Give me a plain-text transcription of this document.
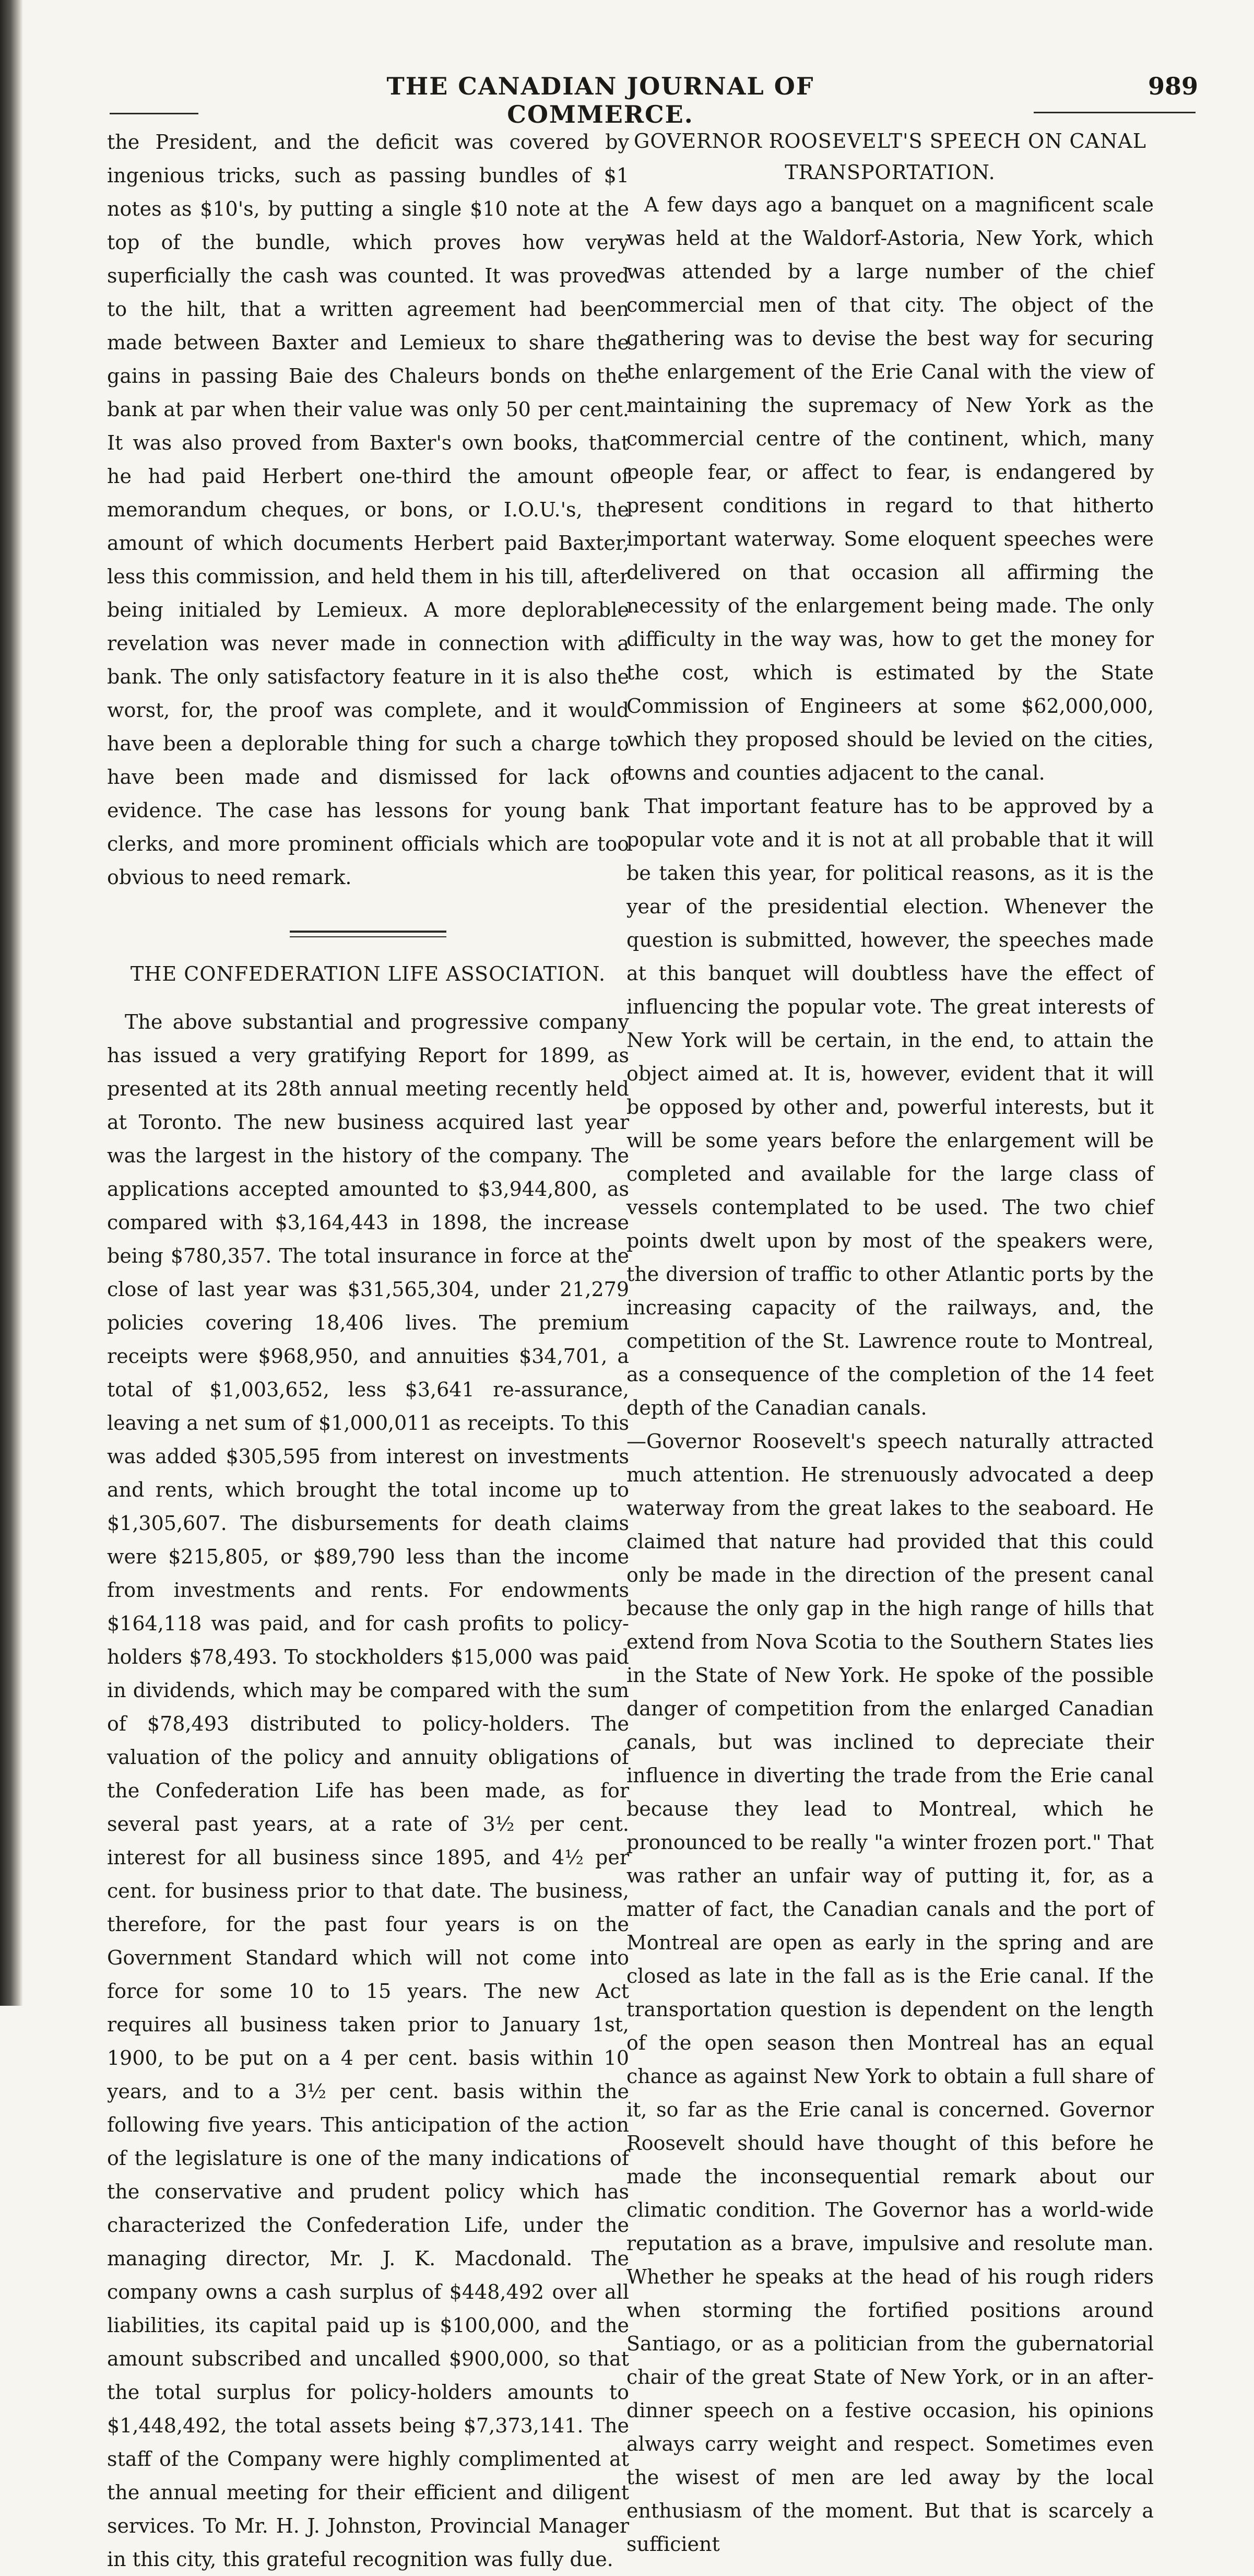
THE CANADIAN JOURNAL OF COMMERCE.
989

the President, and the deficit was covered by ingenious tricks, such as passing bundles of $1 notes as $10's, by putting a single $10 note at the top of the bundle, which proves how very superficially the cash was counted. It was proved to the hilt, that a written agreement had been made between Baxter and Lemieux to share the gains in passing Baie des Chaleurs bonds on the bank at par when their value was only 50 per cent. It was also proved from Baxter's own books, that he had paid Herbert one-third the amount of memorandum cheques, or bons, or I.O.U.'s, the amount of which documents Herbert paid Baxter, less this commission, and held them in his till, after being initialed by Lemieux. A more deplorable revelation was never made in connection with a bank. The only satisfactory feature in it is also the worst, for, the proof was complete, and it would have been a deplorable thing for such a charge to have been made and dismissed for lack of evidence. The case has lessons for young bank clerks, and more prominent officials which are too obvious to need remark.

THE CONFEDERATION LIFE ASSOCIATION.

The above substantial and progressive company has issued a very gratifying Report for 1899, as presented at its 28th annual meeting recently held at Toronto. The new business acquired last year was the largest in the history of the company. The applications accepted amounted to $3,944,800, as compared with $3,164,443 in 1898, the increase being $780,357. The total insurance in force at the close of last year was $31,565,304, under 21,279 policies covering 18,406 lives. The premium receipts were $968,950, and annuities $34,701, a total of $1,003,652, less $3,641 re-assurance, leaving a net sum of $1,000,011 as receipts. To this was added $305,595 from interest on investments and rents, which brought the total income up to $1,305,607. The disbursements for death claims were $215,805, or $89,790 less than the income from investments and rents. For endowments $164,118 was paid, and for cash profits to policy-holders $78,493. To stockholders $15,000 was paid in dividends, which may be compared with the sum of $78,493 distributed to policy-holders. The valuation of the policy and annuity obligations of the Confederation Life has been made, as for several past years, at a rate of 3½ per cent. interest for all business since 1895, and 4½ per cent. for business prior to that date. The business, therefore, for the past four years is on the Government Standard which will not come into force for some 10 to 15 years. The new Act requires all business taken prior to January 1st, 1900, to be put on a 4 per cent. basis within 10 years, and to a 3½ per cent. basis within the following five years. This anticipation of the action of the legislature is one of the many indications of the conservative and prudent policy which has characterized the Confederation Life, under the managing director, Mr. J. K. Macdonald. The company owns a cash surplus of $448,492 over all liabilities, its capital paid up is $100,000, and the amount subscribed and uncalled $900,000, so that the total surplus for policy-holders amounts to $1,448,492, the total assets being $7,373,141. The staff of the Company were highly complimented at the annual meeting for their efficient and diligent services. To Mr. H. J. Johnston, Provincial Manager in this city, this grateful recognition was fully due.

GOVERNOR ROOSEVELT'S SPEECH ON CANAL
TRANSPORTATION.

A few days ago a banquet on a magnificent scale was held at the Waldorf-Astoria, New York, which was attended by a large number of the chief commercial men of that city. The object of the gathering was to devise the best way for securing the enlargement of the Erie Canal with the view of maintaining the supremacy of New York as the commercial centre of the continent, which, many people fear, or affect to fear, is endangered by present conditions in regard to that hitherto important waterway. Some eloquent speeches were delivered on that occasion all affirming the necessity of the enlargement being made. The only difficulty in the way was, how to get the money for the cost, which is estimated by the State Commission of Engineers at some $62,000,000, which they proposed should be levied on the cities, towns and counties adjacent to the canal.

That important feature has to be approved by a popular vote and it is not at all probable that it will be taken this year, for political reasons, as it is the year of the presidential election. Whenever the question is submitted, however, the speeches made at this banquet will doubtless have the effect of influencing the popular vote. The great interests of New York will be certain, in the end, to attain the object aimed at. It is, however, evident that it will be opposed by other and, powerful interests, but it will be some years before the enlargement will be completed and available for the large class of vessels contemplated to be used. The two chief points dwelt upon by most of the speakers were, the diversion of traffic to other Atlantic ports by the increasing capacity of the railways, and, the competition of the St. Lawrence route to Montreal, as a consequence of the completion of the 14 feet depth of the Canadian canals.

—Governor Roosevelt's speech naturally attracted much attention. He strenuously advocated a deep waterway from the great lakes to the seaboard. He claimed that nature had provided that this could only be made in the direction of the present canal because the only gap in the high range of hills that extend from Nova Scotia to the Southern States lies in the State of New York. He spoke of the possible danger of competition from the enlarged Canadian canals, but was inclined to depreciate their influence in diverting the trade from the Erie canal because they lead to Montreal, which he pronounced to be really "a winter frozen port." That was rather an unfair way of putting it, for, as a matter of fact, the Canadian canals and the port of Montreal are open as early in the spring and are closed as late in the fall as is the Erie canal. If the transportation question is dependent on the length of the open season then Montreal has an equal chance as against New York to obtain a full share of it, so far as the Erie canal is concerned. Governor Roosevelt should have thought of this before he made the inconsequential remark about our climatic condition. The Governor has a world-wide reputation as a brave, impulsive and resolute man. Whether he speaks at the head of his rough riders when storming the fortified positions around Santiago, or as a politician from the gubernatorial chair of the great State of New York, or in an after-dinner speech on a festive occasion, his opinions always carry weight and respect. Sometimes even the wisest of men are led away by the local enthusiasm of the moment. But that is scarcely a sufficient
